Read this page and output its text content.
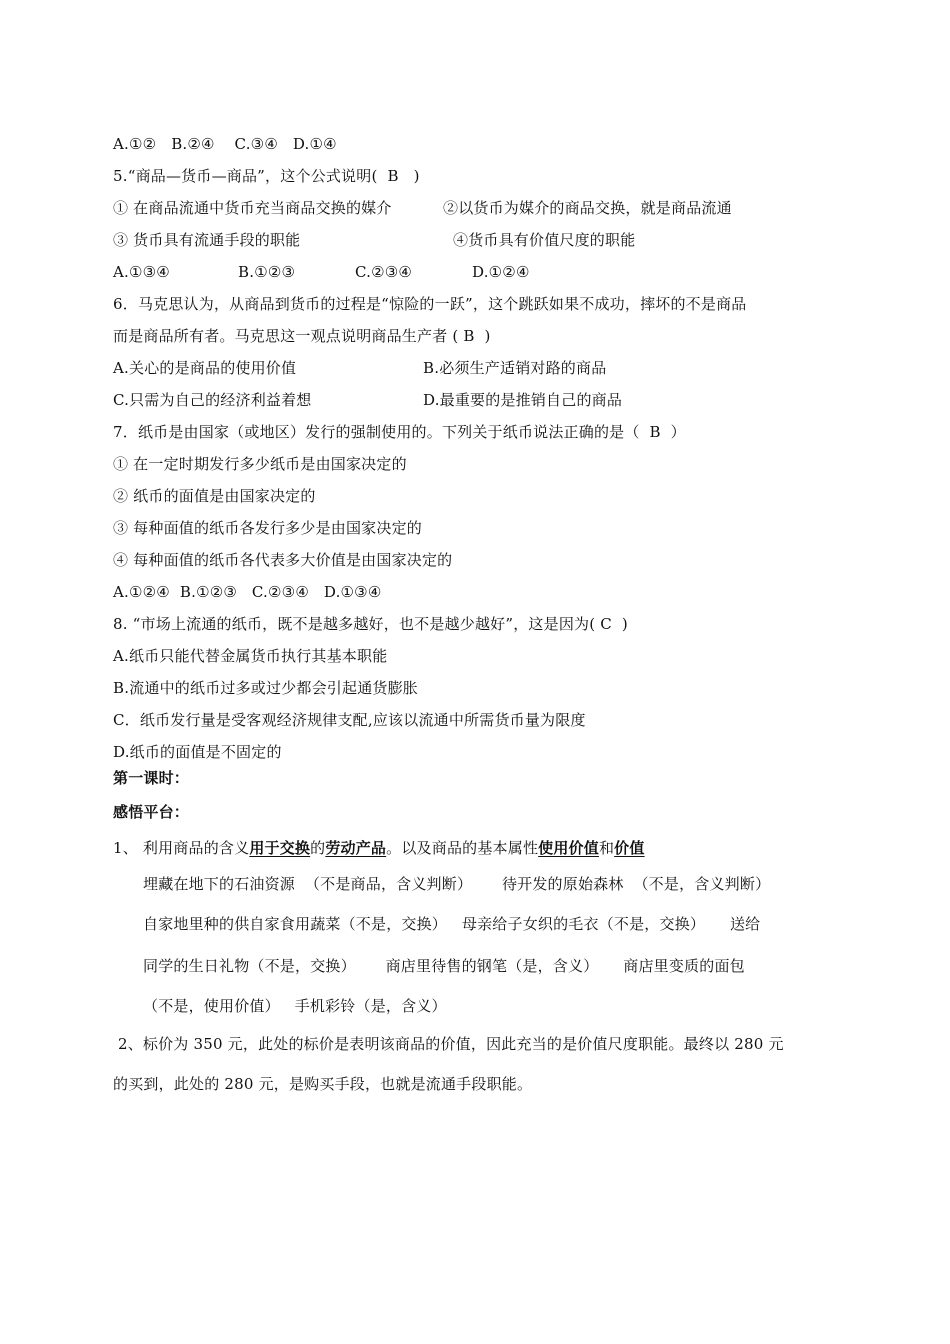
A.①②   B.②④    C.③④   D.①④
5.“商品—货币—商品”，这个公式说明(  B   )
① 在商品流通中货币充当商品交换的媒介	②以货币为媒介的商品交换，就是商品流通
③ 货币具有流通手段的职能	④货币具有价值尺度的职能
A.①③④	B.①②③	C.②③④	D.①②④
6．马克思认为，从商品到货币的过程是“惊险的一跃”，这个跳跃如果不成功，摔坏的不是商品
而是商品所有者。马克思这一观点说明商品生产者 ( B  )
A.关心的是商品的使用价值	B.必须生产适销对路的商品
C.只需为自己的经济利益着想	D.最重要的是推销自己的商品
7．纸币是由国家（或地区）发行的强制使用的。下列关于纸币说法正确的是（  B  ）
① 在一定时期发行多少纸币是由国家决定的
② 纸币的面值是由国家决定的
③ 每种面值的纸币各发行多少是由国家决定的
④ 每种面值的纸币各代表多大价值是由国家决定的
A.①②④  B.①②③   C.②③④   D.①③④
8. “市场上流通的纸币，既不是越多越好，也不是越少越好”，这是因为( C  )
A.纸币只能代替金属货币执行其基本职能
B.流通中的纸币过多或过少都会引起通货膨胀
C．纸币发行量是受客观经济规律支配,应该以流通中所需货币量为限度
D.纸币的面值是不固定的
第一课时：
感悟平台：
1、 利用商品的含义用于交换的劳动产品。以及商品的基本属性使用价值和价值
埋藏在地下的石油资源  （不是商品，含义判断）      待开发的原始森林  （不是，含义判断）
自家地里种的供自家食用蔬菜（不是，交换）   母亲给子女织的毛衣（不是，交换）     送给
同学的生日礼物（不是，交换）      商店里待售的钢笔（是，含义）     商店里变质的面包
（不是，使用价值）   手机彩铃（是，含义）
2、标价为 350 元，此处的标价是表明该商品的价值，因此充当的是价值尺度职能。最终以 280 元
的买到，此处的 280 元，是购买手段，也就是流通手段职能。
